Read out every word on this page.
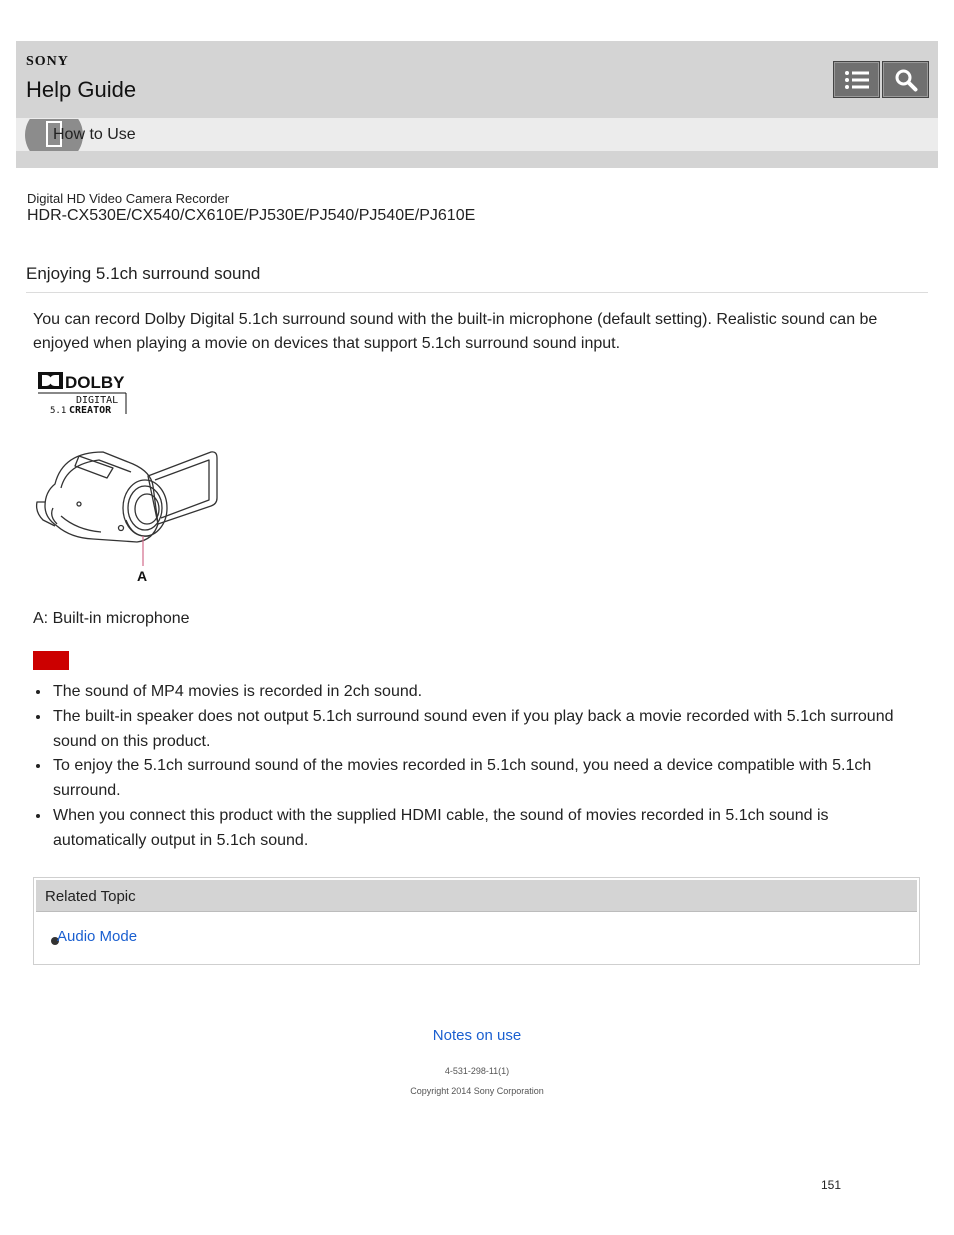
SONY
Help Guide
How to Use
Digital HD Video Camera Recorder
HDR-CX530E/CX540/CX610E/PJ530E/PJ540/PJ540E/PJ610E
Enjoying 5.1ch surround sound

You can record Dolby Digital 5.1ch surround sound with the built-in microphone (default setting). Realistic sound can be enjoyed when playing a movie on devices that support 5.1ch surround sound input.

DOLBY
DIGITAL
5.1 CREATOR
A
A: Built-in microphone
The sound of MP4 movies is recorded in 2ch sound.
The built-in speaker does not output 5.1ch surround sound even if you play back a movie recorded with 5.1ch surround sound on this product.
To enjoy the 5.1ch surround sound of the movies recorded in 5.1ch sound, you need a device compatible with 5.1ch surround.
When you connect this product with the supplied HDMI cable, the sound of movies recorded in 5.1ch sound is automatically output in 5.1ch sound.
Related Topic
Audio Mode
Notes on use
4-531-298-11(1)
Copyright 2014 Sony Corporation
151
